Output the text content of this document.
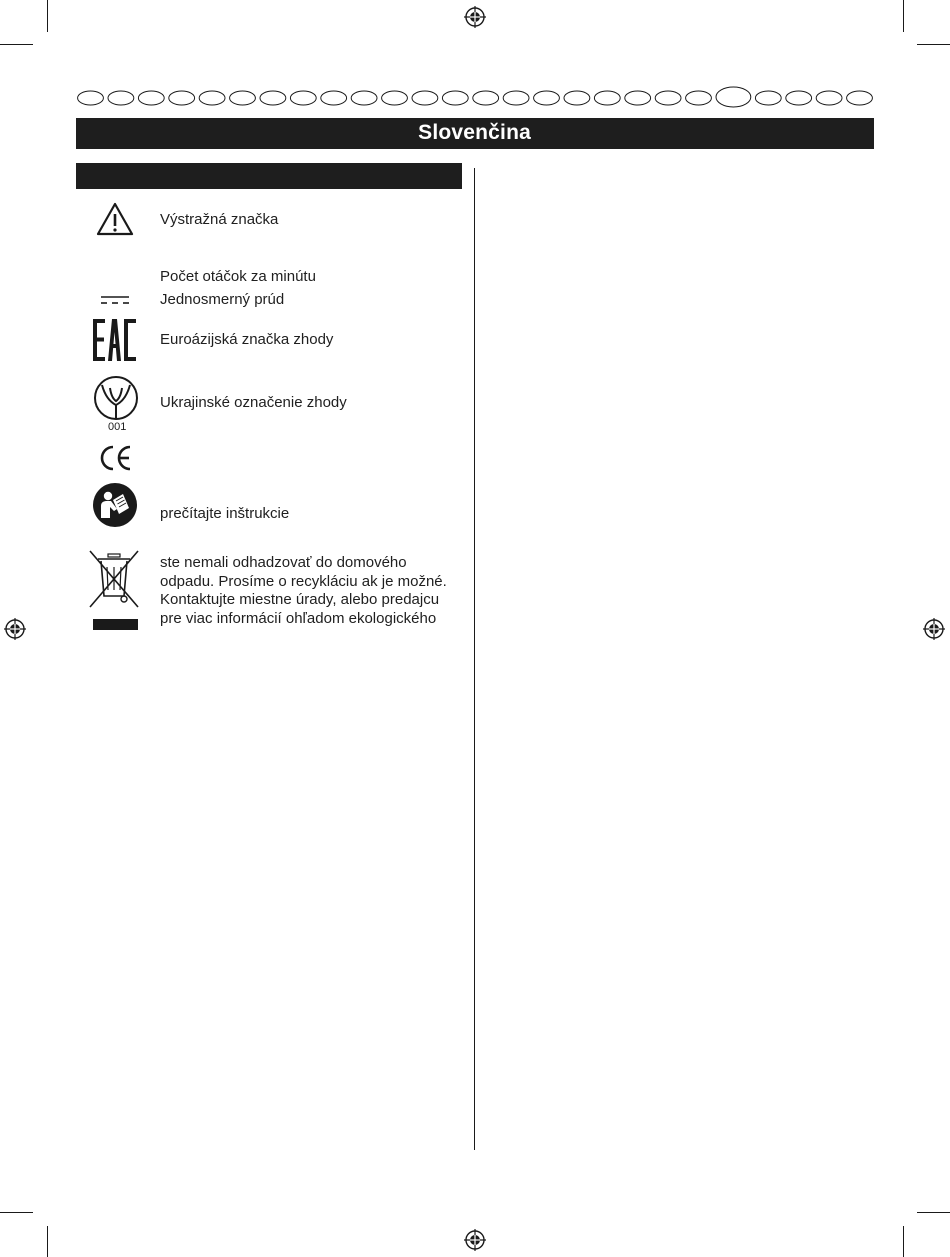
Slovenčina
Výstražná značka
Počet otáčok za minútu
Jednosmerný prúd
Euroázijská značka zhody
001
Ukrajinské označenie zhody
prečítajte inštrukcie
ste nemali odhadzovať do domového
odpadu. Prosíme o recykláciu ak je možné.
Kontaktujte miestne úrady, alebo predajcu
pre viac informácií ohľadom ekologického
